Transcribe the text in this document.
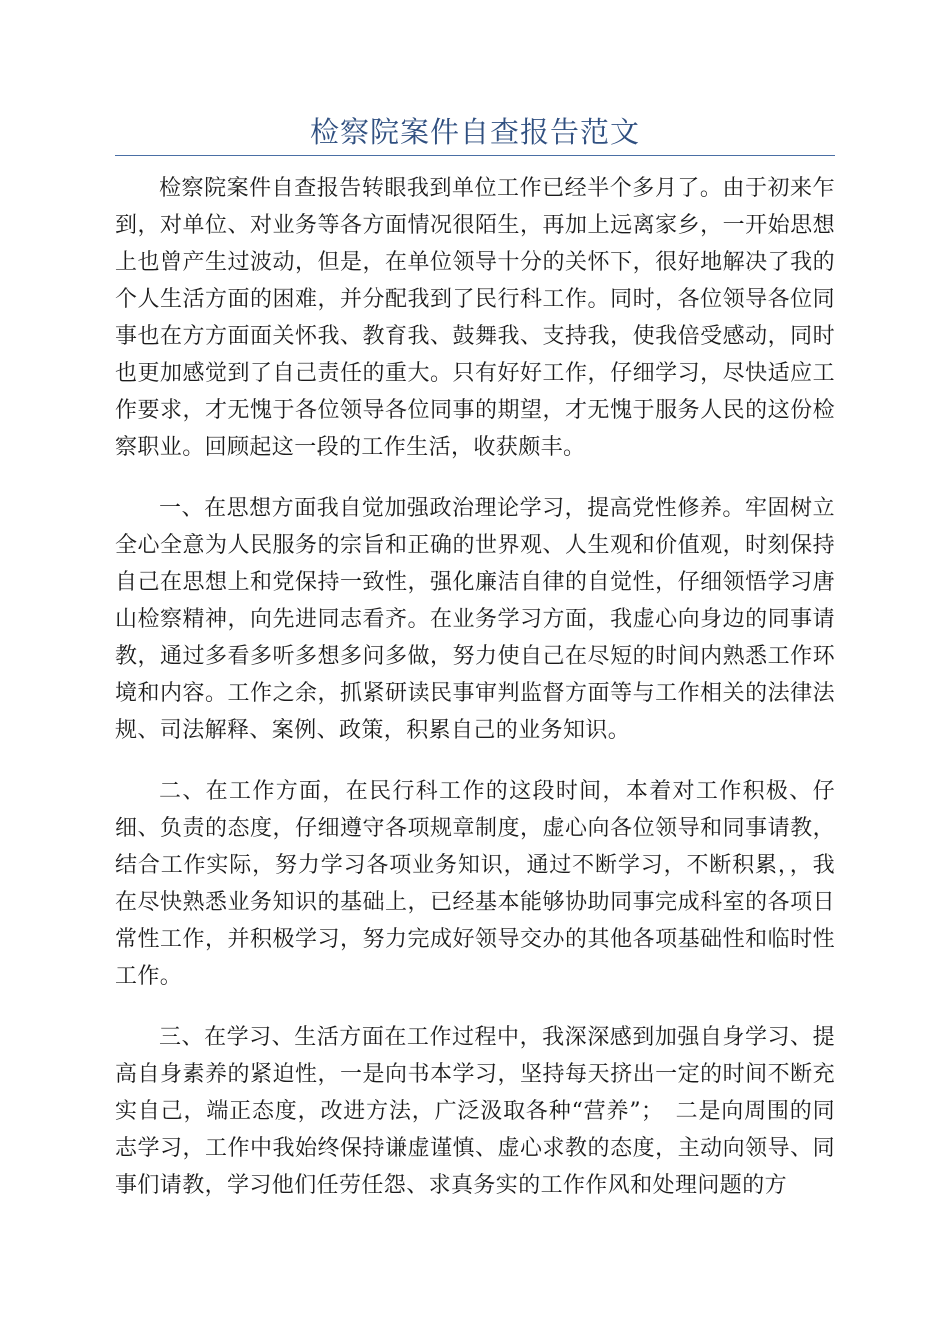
检察院案件自查报告范文

检察院案件自查报告转眼我到单位工作已经半个多月了。由于初来乍到，对单位、对业务等各方面情况很陌生，再加上远离家乡，一开始思想上也曾产生过波动，但是，在单位领导十分的关怀下，很好地解决了我的个人生活方面的困难，并分配我到了民行科工作。同时，各位领导各位同事也在方方面面关怀我、教育我、鼓舞我、支持我，使我倍受感动，同时也更加感觉到了自己责任的重大。只有好好工作，仔细学习，尽快适应工作要求，才无愧于各位领导各位同事的期望，才无愧于服务人民的这份检察职业。回顾起这一段的工作生活，收获颇丰。

一、在思想方面我自觉加强政治理论学习，提高党性修养。牢固树立全心全意为人民服务的宗旨和正确的世界观、人生观和价值观，时刻保持自己在思想上和党保持一致性，强化廉洁自律的自觉性，仔细领悟学习唐山检察精神，向先进同志看齐。在业务学习方面，我虚心向身边的同事请教，通过多看多听多想多问多做，努力使自己在尽短的时间内熟悉工作环境和内容。工作之余，抓紧研读民事审判监督方面等与工作相关的法律法规、司法解释、案例、政策，积累自己的业务知识。

二、在工作方面，在民行科工作的这段时间，本着对工作积极、仔细、负责的态度，仔细遵守各项规章制度，虚心向各位领导和同事请教，结合工作实际，努力学习各项业务知识，通过不断学习，不断积累，，我在尽快熟悉业务知识的基础上，已经基本能够协助同事完成科室的各项日常性工作，并积极学习，努力完成好领导交办的其他各项基础性和临时性工作。

三、在学习、生活方面在工作过程中，我深深感到加强自身学习、提高自身素养的紧迫性，一是向书本学习，坚持每天挤出一定的时间不断充实自己，端正态度，改进方法，广泛汲取各种“营养”；　二是向周围的同志学习，工作中我始终保持谦虚谨慎、虚心求教的态度，主动向领导、同事们请教，学习他们任劳任怨、求真务实的工作作风和处理问题的方
